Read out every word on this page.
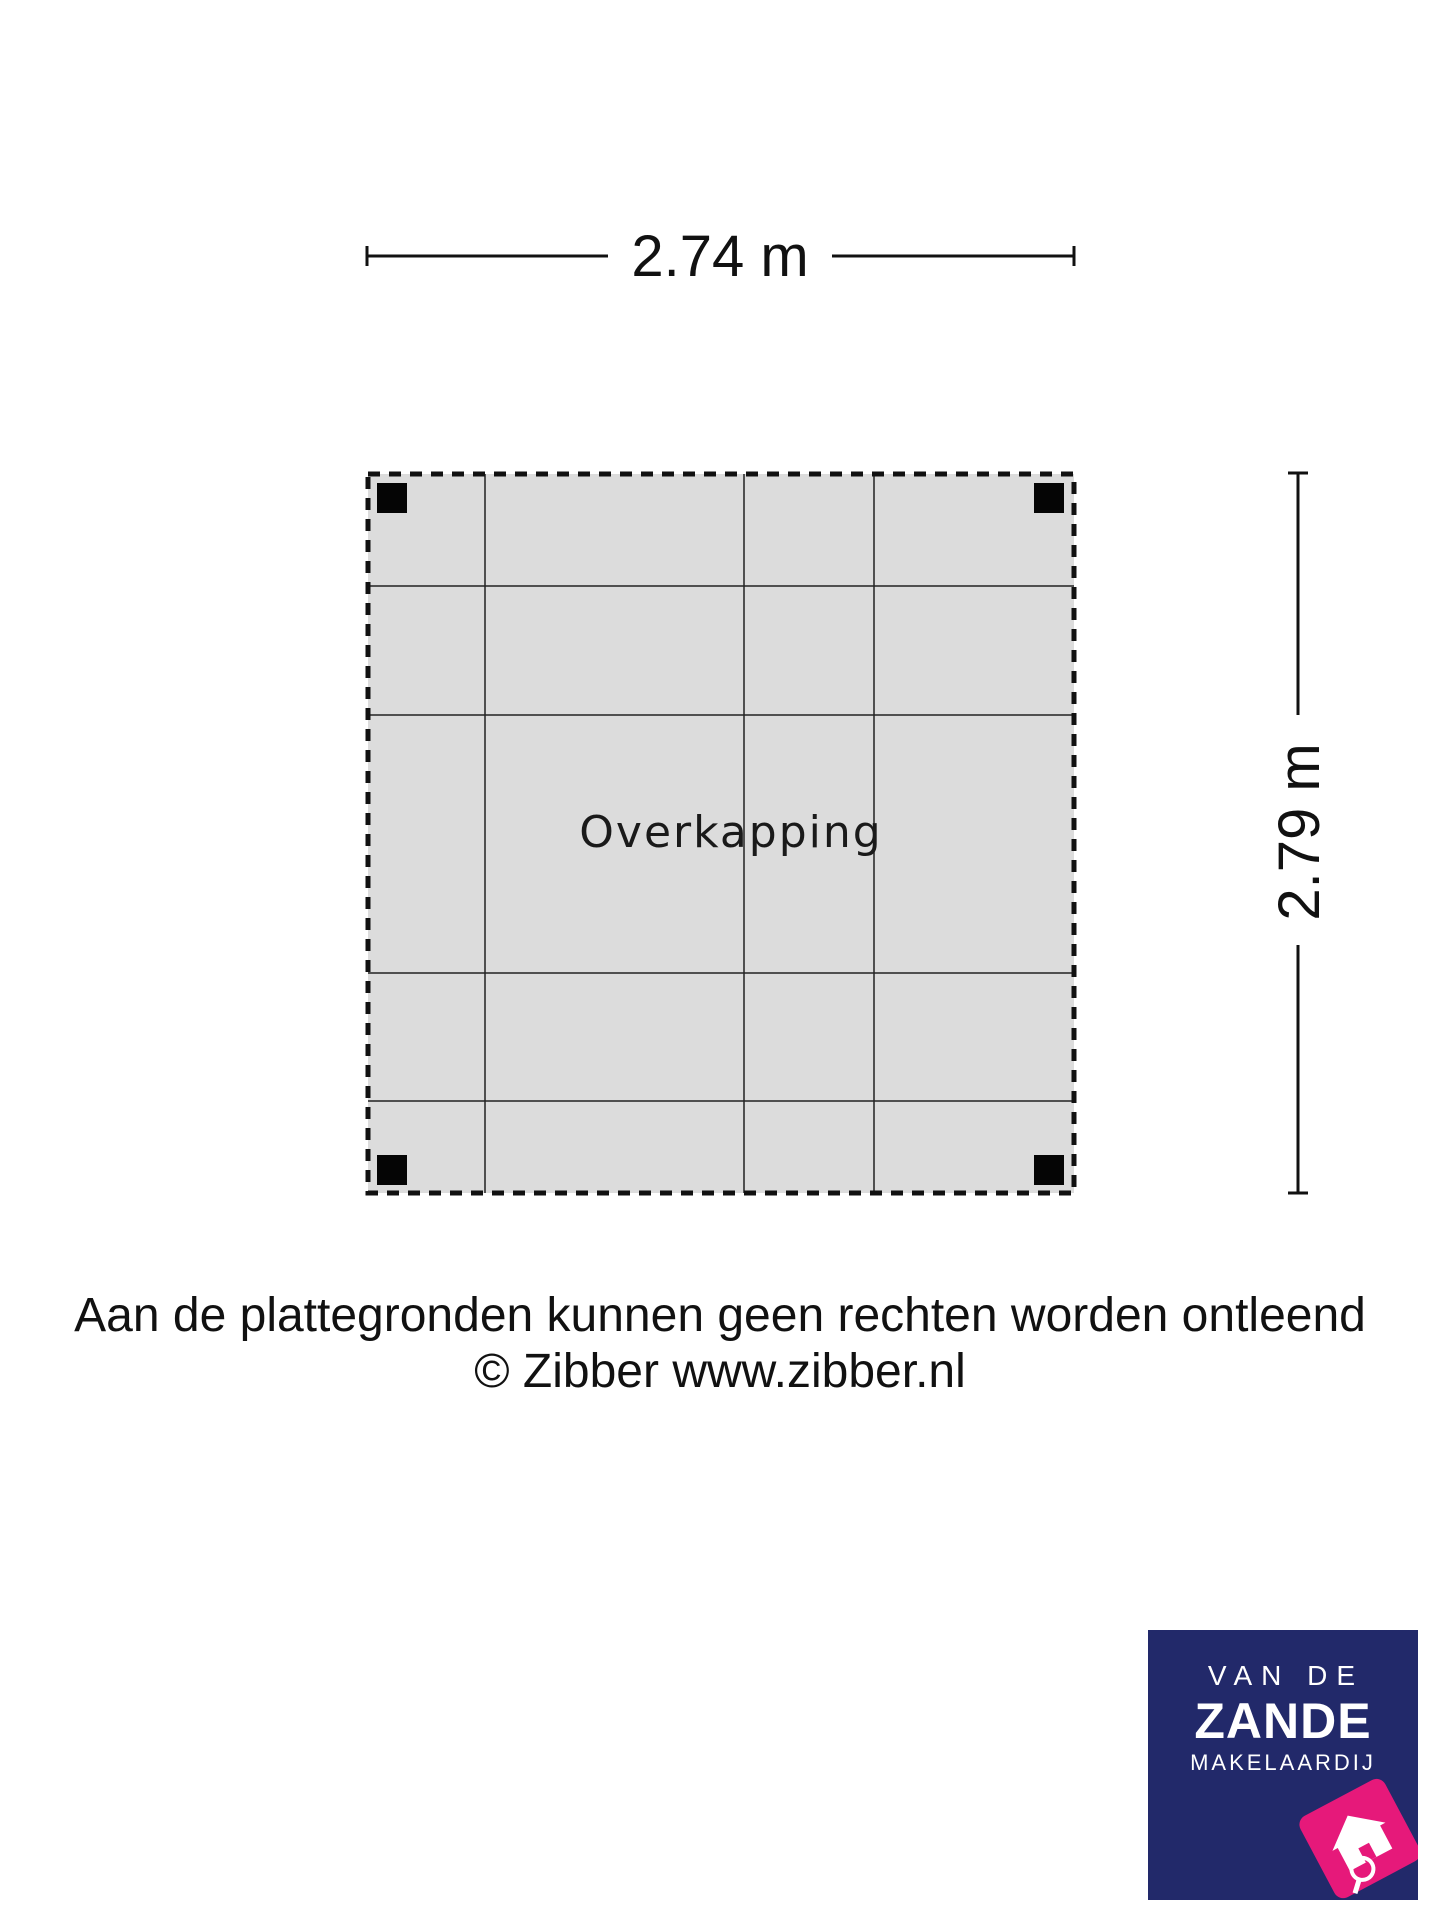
2.74 m
2.79 m
Overkapping
Aan de plattegronden kunnen geen rechten worden ontleend
© Zibber www.zibber.nl
VAN DE
ZANDE
MAKELAARDIJ
